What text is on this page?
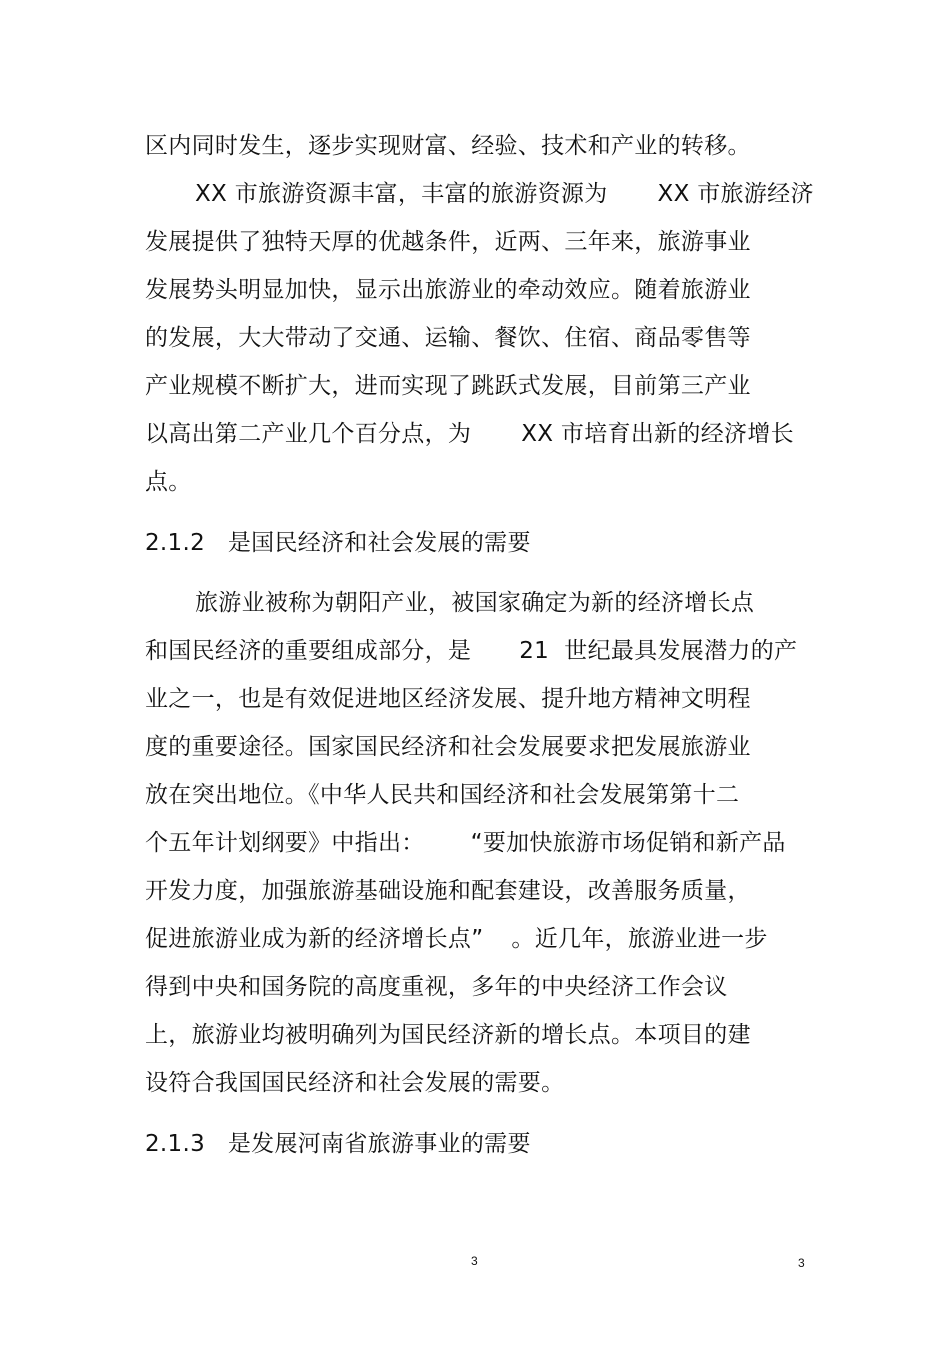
区内同时发生，逐步实现财富、经验、技术和产业的转移。
XX 市旅游资源丰富，丰富的旅游资源为 XX 市旅游经济
发展提供了独特天厚的优越条件，近两、三年来，旅游事业
发展势头明显加快，显示出旅游业的牵动效应。随着旅游业
的发展，大大带动了交通、运输、餐饮、住宿、商品零售等
产业规模不断扩大，进而实现了跳跃式发展，目前第三产业
以高出第二产业几个百分点，为 XX 市培育出新的经济增长
点。
2.1.2   是国民经济和社会发展的需要
旅游业被称为朝阳产业，被国家确定为新的经济增长点
和国民经济的重要组成部分，是 21  世纪最具发展潜力的产
业之一，也是有效促进地区经济发展、提升地方精神文明程
度的重要途径。国家国民经济和社会发展要求把发展旅游业
放在突出地位。《中华人民共和国经济和社会发展第第十二
个五年计划纲要》中指出： “要加快旅游市场促销和新产品
开发力度，加强旅游基础设施和配套建设，改善服务质量，
促进旅游业成为新的经济增长点” 。近几年，旅游业进一步
得到中央和国务院的高度重视，多年的中央经济工作会议
上，旅游业均被明确列为国民经济新的增长点。本项目的建
设符合我国国民经济和社会发展的需要。
2.1.3   是发展河南省旅游事业的需要
3	3
